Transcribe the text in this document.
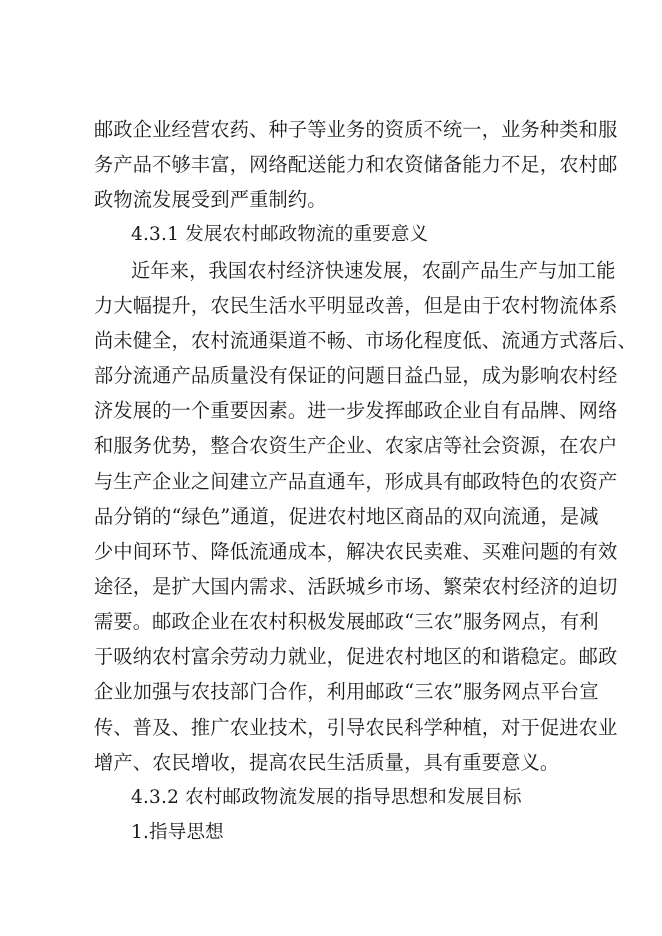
邮政企业经营农药、种子等业务的资质不统一，业务种类和服
务产品不够丰富，网络配送能力和农资储备能力不足，农村邮
政物流发展受到严重制约。
4.3.1 发展农村邮政物流的重要意义
近年来，我国农村经济快速发展，农副产品生产与加工能
力大幅提升，农民生活水平明显改善，但是由于农村物流体系
尚未健全，农村流通渠道不畅、市场化程度低、流通方式落后、
部分流通产品质量没有保证的问题日益凸显，成为影响农村经
济发展的一个重要因素。进一步发挥邮政企业自有品牌、网络
和服务优势，整合农资生产企业、农家店等社会资源，在农户
与生产企业之间建立产品直通车，形成具有邮政特色的农资产
品分销的“绿色”通道，促进农村地区商品的双向流通，是减
少中间环节、降低流通成本，解决农民卖难、买难问题的有效
途径，是扩大国内需求、活跃城乡市场、繁荣农村经济的迫切
需要。邮政企业在农村积极发展邮政“三农”服务网点，有利
于吸纳农村富余劳动力就业，促进农村地区的和谐稳定。邮政
企业加强与农技部门合作，利用邮政“三农”服务网点平台宣
传、普及、推广农业技术，引导农民科学种植，对于促进农业
增产、农民增收，提高农民生活质量，具有重要意义。
4.3.2 农村邮政物流发展的指导思想和发展目标
1.指导思想
